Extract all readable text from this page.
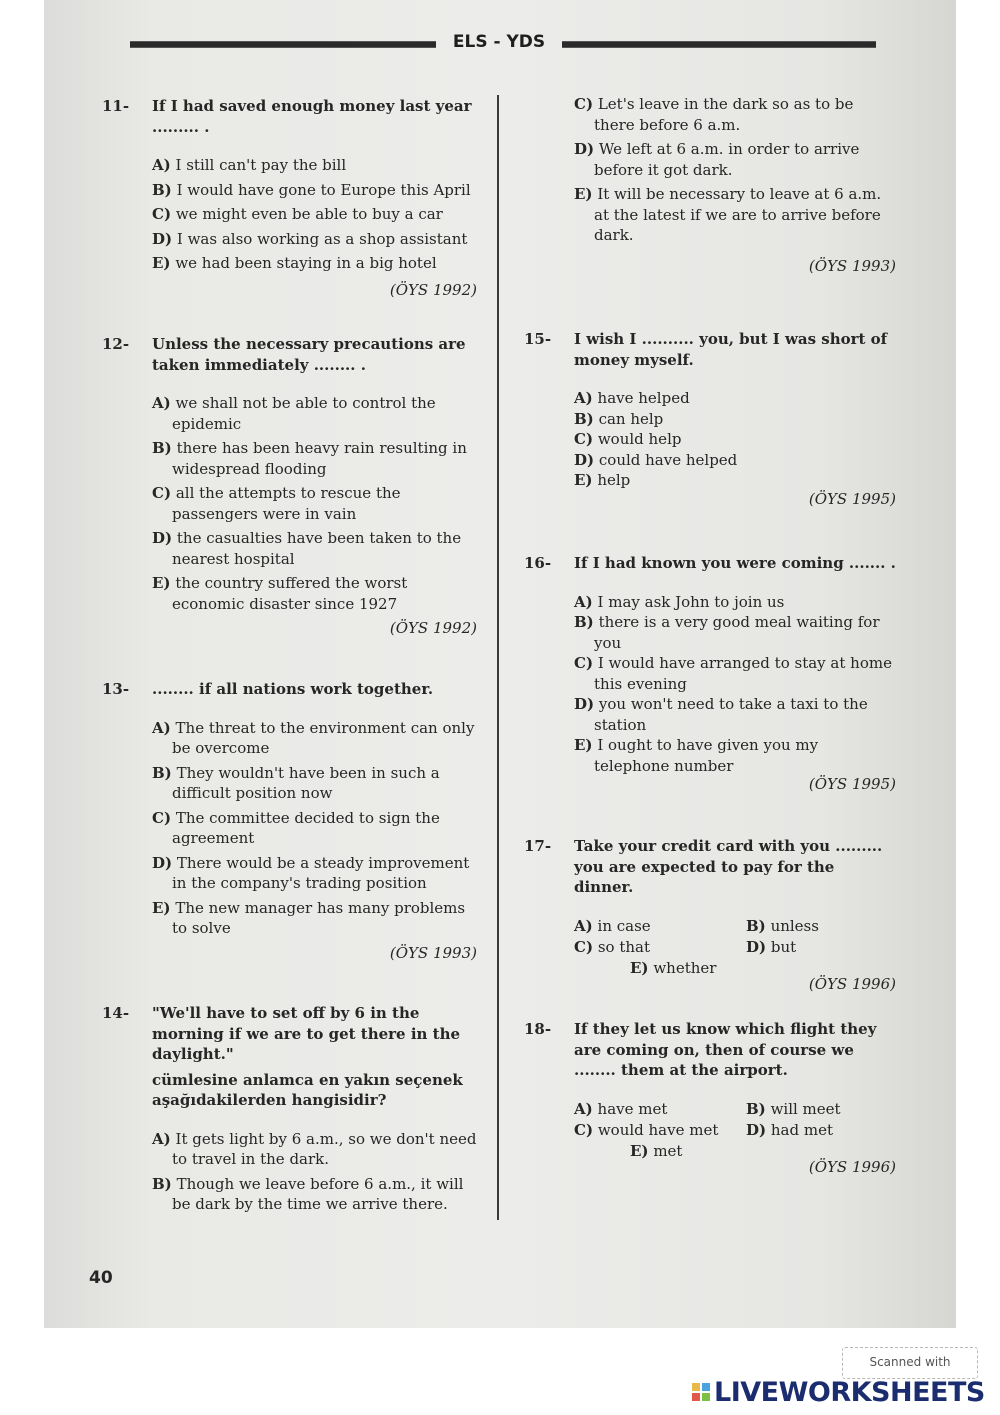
ELS - YDS
11- If I had saved enough money last year ......... .
A) I still can't pay the bill
B) I would have gone to Europe this April
C) we might even be able to buy a car
D) I was also working as a shop assistant
E) we had been staying in a big hotel
(ÖYS 1992)
12- Unless the necessary precautions are taken immediately ........ .
A) we shall not be able to control the epidemic
B) there has been heavy rain resulting in widespread flooding
C) all the attempts to rescue the passengers were in vain
D) the casualties have been taken to the nearest hospital
E) the country suffered the worst economic disaster since 1927
(ÖYS 1992)
13- ........ if all nations work together.
A) The threat to the environment can only be overcome
B) They wouldn't have been in such a difficult position now
C) The committee decided to sign the agreement
D) There would be a steady improvement in the company's trading position
E) The new manager has many problems to solve
(ÖYS 1993)
14- "We'll have to set off by 6 in the morning if we are to get there in the daylight."
cümlesine anlamca en yakın seçenek aşağıdakilerden hangisidir?
A) It gets light by 6 a.m., so we don't need to travel in the dark.
B) Though we leave before 6 a.m., it will be dark by the time we arrive there.
C) Let's leave in the dark so as to be there before 6 a.m.
D) We left at 6 a.m. in order to arrive before it got dark.
E) It will be necessary to leave at 6 a.m. at the latest if we are to arrive before dark.
(ÖYS 1993)
15- I wish I .......... you, but I was short of money myself.
A) have helped
B) can help
C) would help
D) could have helped
E) help
(ÖYS 1995)
16- If I had known you were coming ....... .
A) I may ask John to join us
B) there is a very good meal waiting for you
C) I would have arranged to stay at home this evening
D) you won't need to take a taxi to the station
E) I ought to have given you my telephone number
(ÖYS 1995)
17- Take your credit card with you ......... you are expected to pay for the dinner.
A) in case	B) unless
C) so that	D) but
E) whether
(ÖYS 1996)
18- If they let us know which flight they are coming on, then of course we ........ them at the airport.
A) have met	B) will meet
C) would have met	D) had met
E) met
(ÖYS 1996)
40
Scanned with
LIVEWORKSHEETS
